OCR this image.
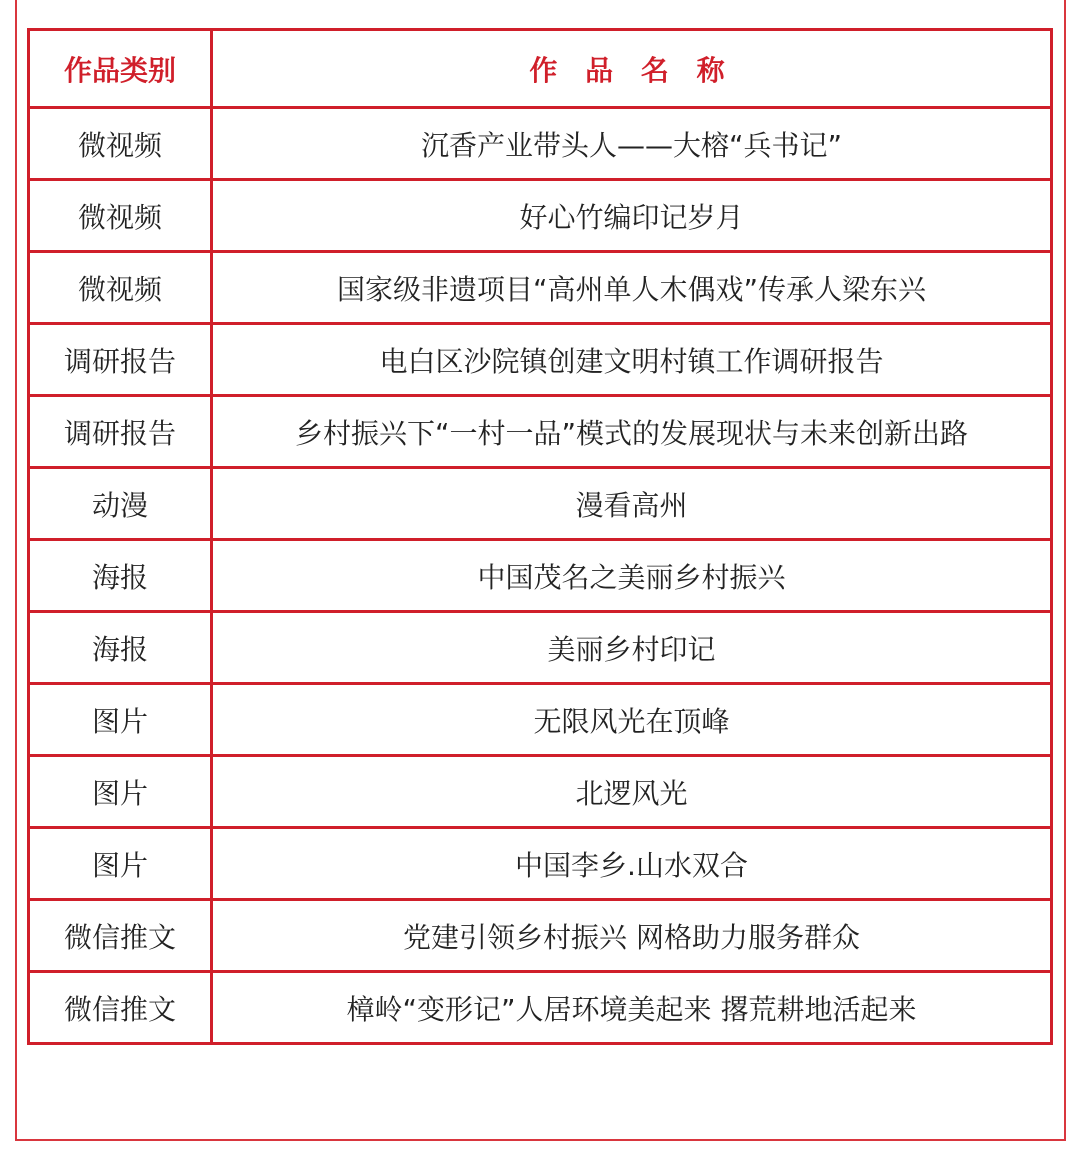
作品类别	作 品 名 称
微视频	沉香产业带头人——大榕“兵书记”
微视频	好心竹编印记岁月
微视频	国家级非遗项目“高州单人木偶戏”传承人梁东兴
调研报告	电白区沙院镇创建文明村镇工作调研报告
调研报告	乡村振兴下“一村一品”模式的发展现状与未来创新出路
动漫	漫看高州
海报	中国茂名之美丽乡村振兴
海报	美丽乡村印记
图片	无限风光在顶峰
图片	北逻风光
图片	中国李乡.山水双合
微信推文	党建引领乡村振兴 网格助力服务群众
微信推文	樟岭“变形记”人居环境美起来 撂荒耕地活起来
